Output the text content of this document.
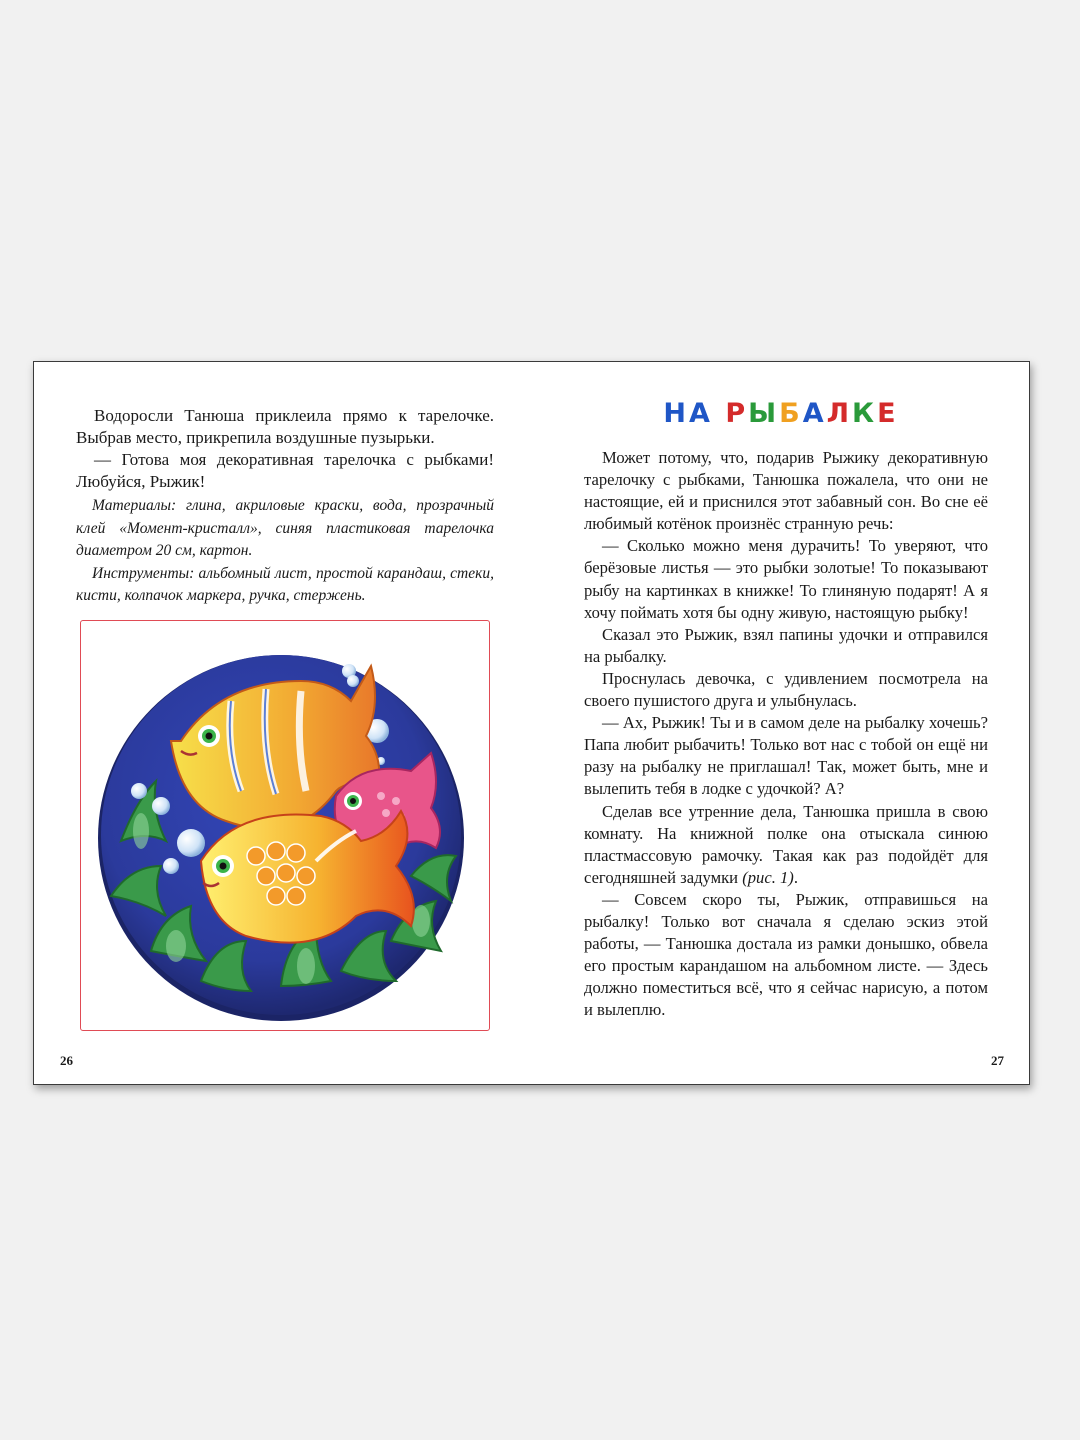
Водоросли Танюша приклеила прямо к тарелочке. Выбрав место, прикрепила воздушные пузырьки.

— Готова моя декоративная тарелочка с рыбками! Любуйся, Рыжик!

Материалы: глина, акриловые краски, вода, прозрачный клей «Момент-кристалл», синяя пластиковая тарелочка диаметром 20 см, картон.

Инструменты: альбомный лист, простой карандаш, стеки, кисти, колпачок маркера, ручка, стержень.

26
НА РЫБАЛКЕ

Может потому, что, подарив Рыжику декоративную тарелочку с рыбками, Танюшка пожалела, что они не настоящие, ей и приснился этот забавный сон. Во сне её любимый котёнок произнёс странную речь:

— Сколько можно меня дурачить! То уверяют, что берёзовые листья — это рыбки золотые! То показывают рыбу на картинках в книжке! То глиняную подарят! А я хочу поймать хотя бы одну живую, настоящую рыбку!

Сказал это Рыжик, взял папины удочки и отправился на рыбалку.

Проснулась девочка, с удивлением посмотрела на своего пушистого друга и улыбнулась.

— Ах, Рыжик! Ты и в самом деле на рыбалку хочешь? Папа любит рыбачить! Только вот нас с тобой он ещё ни разу на рыбалку не приглашал! Так, может быть, мне и вылепить тебя в лодке с удочкой? А?

Сделав все утренние дела, Танюшка пришла в свою комнату. На книжной полке она отыскала синюю пластмассовую рамочку. Такая как раз подойдёт для сегодняшней задумки (рис. 1).

— Совсем скоро ты, Рыжик, отправишься на рыбалку! Только вот сначала я сделаю эскиз этой работы, — Танюшка достала из рамки донышко, обвела его простым карандашом на альбомном листе. — Здесь должно поместиться всё, что я сейчас нарисую, а потом и вылеплю.

27
